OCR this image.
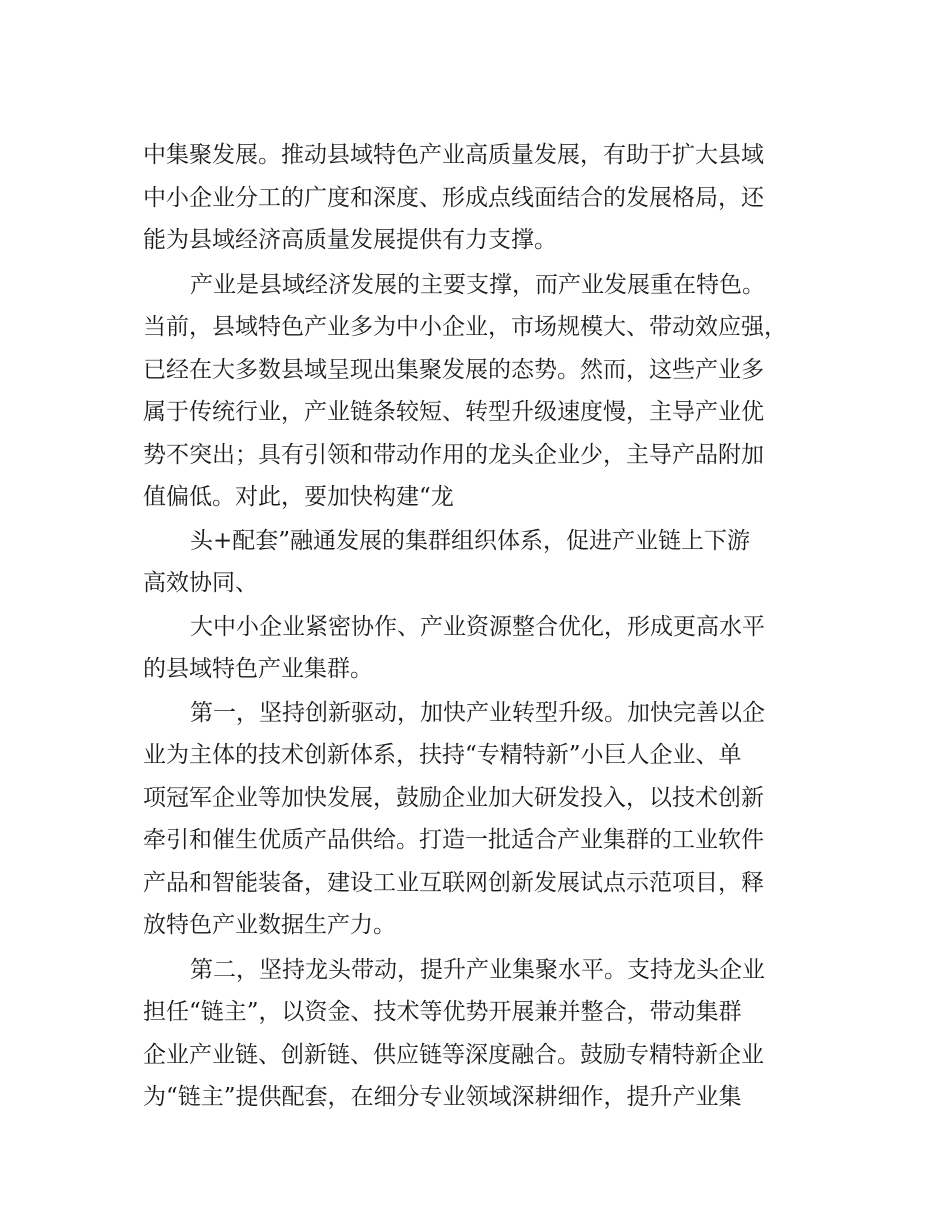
中集聚发展。推动县域特色产业高质量发展，有助于扩大县域

中小企业分工的广度和深度、形成点线面结合的发展格局，还

能为县域经济高质量发展提供有力支撑。

产业是县域经济发展的主要支撑，而产业发展重在特色。

当前，县域特色产业多为中小企业，市场规模大、带动效应强，

已经在大多数县域呈现出集聚发展的态势。然而，这些产业多

属于传统行业，产业链条较短、转型升级速度慢，主导产业优

势不突出；具有引领和带动作用的龙头企业少，主导产品附加

值偏低。对此，要加快构建“龙

头+配套”融通发展的集群组织体系，促进产业链上下游

高效协同、

大中小企业紧密协作、产业资源整合优化，形成更高水平

的县域特色产业集群。

第一，坚持创新驱动，加快产业转型升级。加快完善以企

业为主体的技术创新体系，扶持“专精特新”小巨人企业、单

项冠军企业等加快发展，鼓励企业加大研发投入，以技术创新

牵引和催生优质产品供给。打造一批适合产业集群的工业软件

产品和智能装备，建设工业互联网创新发展试点示范项目，释

放特色产业数据生产力。

第二，坚持龙头带动，提升产业集聚水平。支持龙头企业

担任“链主”，以资金、技术等优势开展兼并整合，带动集群

企业产业链、创新链、供应链等深度融合。鼓励专精特新企业

为“链主”提供配套，在细分专业领域深耕细作，提升产业集
